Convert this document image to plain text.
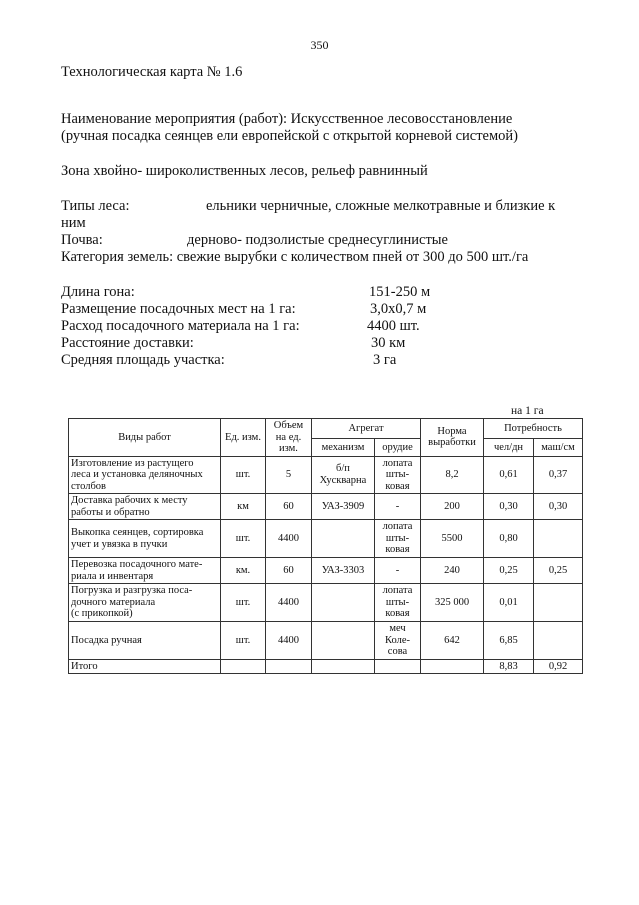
350
Технологическая карта № 1.6
Наименование мероприятия (работ): Искусственное лесовосстановление
(ручная посадка сеянцев ели европейской с открытой корневой системой)
Зона хвойно- широколиственных лесов, рельеф равнинный
Типы леса:	ельники черничные, сложные мелкотравные и близкие к
ним
Почва:	дерново- подзолистые среднесуглинистые
Категория земель: свежие вырубки с количеством пней от 300 до 500 шт./га
Длина гона:	151-250 м
Размещение посадочных мест на 1 га:	3,0х0,7 м
Расход посадочного материала на 1 га:	4400 шт.
Расстояние доставки:	30 км
Средняя площадь участка:	3 га
на 1 га
Виды работ	Ед. изм.	Объем на ед. изм.	Агрегат		Норма выработки	Потребность	
			механизм	орудие		чел/дн	маш/см
Изготовление из растущего
леса и установка деляночных
столбов	шт.	5	б/п
Хускварна	лопата
шты-
ковая	8,2	0,61	0,37
Доставка рабочих к месту
работы и обратно	км	60	УАЗ-3909	-	200	0,30	0,30
Выкопка сеянцев, сортировка
учет и увязка в пучки	шт.	4400		лопата
шты-
ковая	5500	0,80	
Перевозка посадочного мате-
риала и инвентаря	км.	60	УАЗ-3303	-	240	0,25	0,25
Погрузка и разгрузка поса-
дочного материала
(с прикопкой)	шт.	4400		лопата
шты-
ковая	325 000	0,01	
Посадка ручная	шт.	4400		меч
Коле-
сова	642	6,85	
Итого						8,83	0,92
